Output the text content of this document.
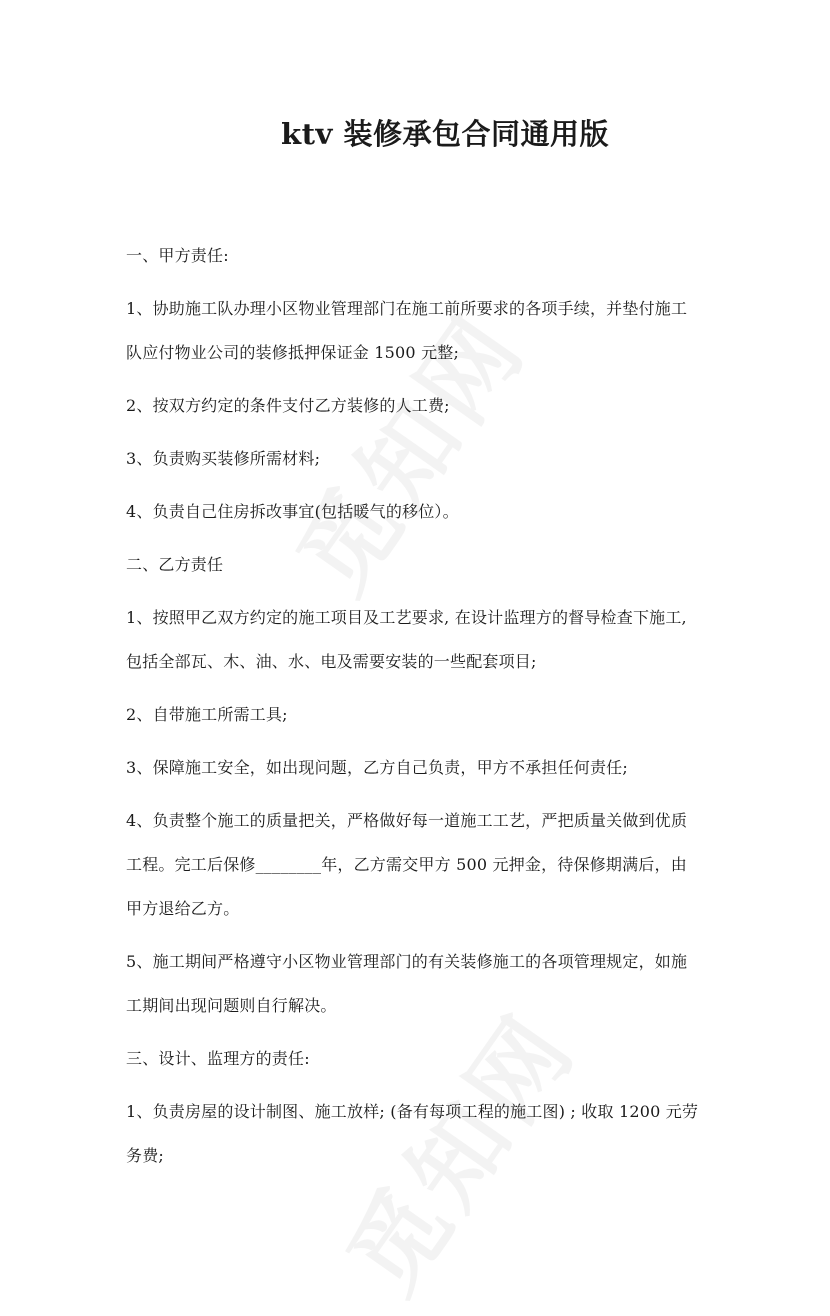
ktv 装修承包合同通用版
一、甲方责任:
1、协助施工队办理小区物业管理部门在施工前所要求的各项手续，并垫付施工
队应付物业公司的装修抵押保证金 1500 元整;
2、按双方约定的条件支付乙方装修的人工费;
3、负责购买装修所需材料;
4、负责自己住房拆改事宜(包括暖气的移位）。
二、乙方责任
1、按照甲乙双方约定的施工项目及工艺要求, 在设计监理方的督导检查下施工,
包括全部瓦、木、油、水、电及需要安装的一些配套项目;
2、自带施工所需工具;
3、保障施工安全，如出现问题，乙方自己负责，甲方不承担任何责任;
4、负责整个施工的质量把关，严格做好每一道施工工艺，严把质量关做到优质
工程。完工后保修________年，乙方需交甲方 500 元押金，待保修期满后，由
甲方退给乙方。
5、施工期间严格遵守小区物业管理部门的有关装修施工的各项管理规定，如施
工期间出现问题则自行解决。
三、设计、监理方的责任:
1、负责房屋的设计制图、施工放样; (备有每项工程的施工图) ; 收取 1200 元劳
务费;
